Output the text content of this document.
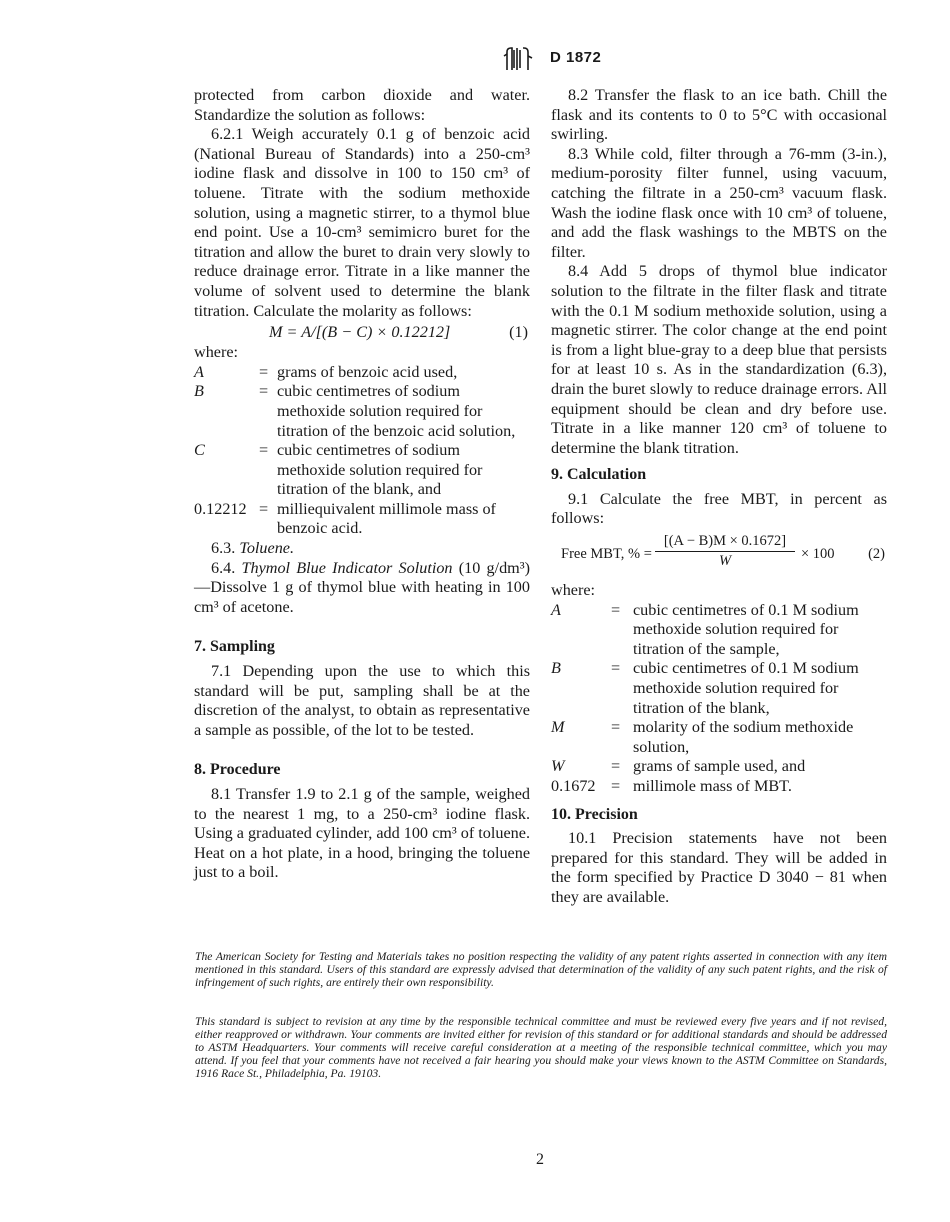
D 1872

protected from carbon dioxide and water. Standardize the solution as follows:

6.2.1 Weigh accurately 0.1 g of benzoic acid (National Bureau of Standards) into a 250-cm³ iodine flask and dissolve in 100 to 150 cm³ of toluene. Titrate with the sodium methoxide solution, using a magnetic stirrer, to a thymol blue end point. Use a 10-cm³ semimicro buret for the titration and allow the buret to drain very slowly to reduce drainage error. Titrate in a like manner the volume of solvent used to determine the blank titration. Calculate the molarity as follows:

M = A/[(B − C) × 0.12212]	(1)

where:

A	= grams of benzoic acid used,
B	= cubic centimetres of sodium methoxide solution required for titration of the benzoic acid solution,
C	= cubic centimetres of sodium methoxide solution required for titration of the blank, and
0.12212 = milliequivalent millimole mass of benzoic acid.

6.3. Toluene.

6.4. Thymol Blue Indicator Solution (10 g/dm³)—Dissolve 1 g of thymol blue with heating in 100 cm³ of acetone.

7. Sampling

7.1 Depending upon the use to which this standard will be put, sampling shall be at the discretion of the analyst, to obtain as representative a sample as possible, of the lot to be tested.

8. Procedure

8.1 Transfer 1.9 to 2.1 g of the sample, weighed to the nearest 1 mg, to a 250-cm³ iodine flask. Using a graduated cylinder, add 100 cm³ of toluene. Heat on a hot plate, in a hood, bringing the toluene just to a boil.

8.2 Transfer the flask to an ice bath. Chill the flask and its contents to 0 to 5°C with occasional swirling.

8.3 While cold, filter through a 76-mm (3-in.), medium-porosity filter funnel, using vacuum, catching the filtrate in a 250-cm³ vacuum flask. Wash the iodine flask once with 10 cm³ of toluene, and add the flask washings to the MBTS on the filter.

8.4 Add 5 drops of thymol blue indicator solution to the filtrate in the filter flask and titrate with the 0.1 M sodium methoxide solution, using a magnetic stirrer. The color change at the end point is from a light blue-gray to a deep blue that persists for at least 10 s. As in the standardization (6.3), drain the buret slowly to reduce drainage errors. All equipment should be clean and dry before use. Titrate in a like manner 120 cm³ of toluene to determine the blank titration.

9. Calculation

9.1 Calculate the free MBT, in percent as follows:

Free MBT, % = $\frac{[(A - B)M \times 0.1672]}{W} \times 100$ (2)

where:

A	= cubic centimetres of 0.1 M sodium methoxide solution required for titration of the sample,
B	= cubic centimetres of 0.1 M sodium methoxide solution required for titration of the blank,
M	= molarity of the sodium methoxide solution,
W	= grams of sample used, and
0.1672 = millimole mass of MBT.
10. Precision

10.1 Precision statements have not been prepared for this standard. They will be added in the form specified by Practice D 3040 − 81 when they are available.

The American Society for Testing and Materials takes no position respecting the validity of any patent rights asserted in connection with any item mentioned in this standard. Users of this standard are expressly advised that determination of the validity of any such patent rights, and the risk of infringement of such rights, are entirely their own responsibility.

This standard is subject to revision at any time by the responsible technical committee and must be reviewed every five years and if not revised, either reapproved or withdrawn. Your comments are invited either for revision of this standard or for additional standards and should be addressed to ASTM Headquarters. Your comments will receive careful consideration at a meeting of the responsible technical committee, which you may attend. If you feel that your comments have not received a fair hearing you should make your views known to the ASTM Committee on Standards, 1916 Race St., Philadelphia, Pa. 19103.

2
